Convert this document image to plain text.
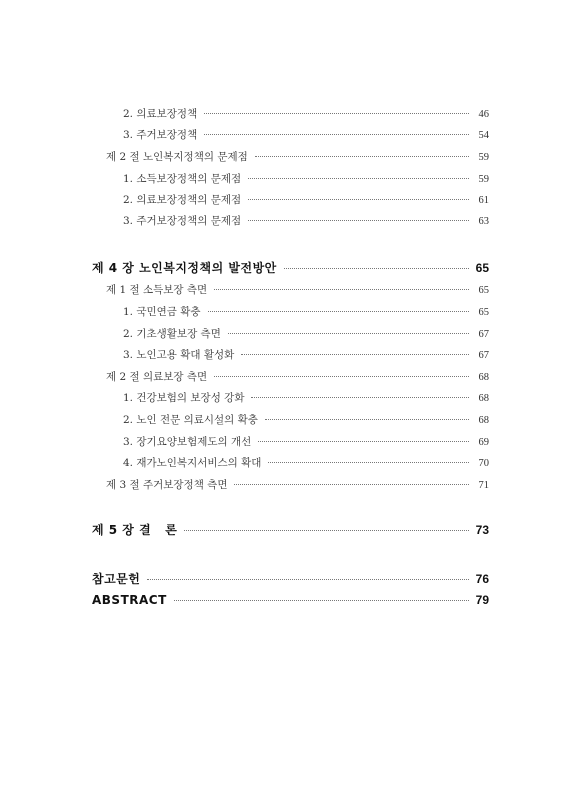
2. 의료보장정책	46
3. 주거보장정책	54
제 2 절 노인복지정책의 문제점	59
1. 소득보장정책의 문제점	59
2. 의료보장정책의 문제점	61
3. 주거보장정책의 문제점	63
제 4 장 노인복지정책의 발전방안	65
제 1 절 소득보장 측면	65
1. 국민연금 확충	65
2. 기초생활보장 측면	67
3. 노인고용 확대 활성화	67
제 2 절 의료보장 측면	68
1. 건강보험의 보장성 강화	68
2. 노인 전문 의료시설의 확충	68
3. 장기요양보험제도의 개선	69
4. 재가노인복지서비스의 확대	70
제 3 절 주거보장정책 측면	71
제 5 장 결   론	73
참고문헌	76
ABSTRACT	79
